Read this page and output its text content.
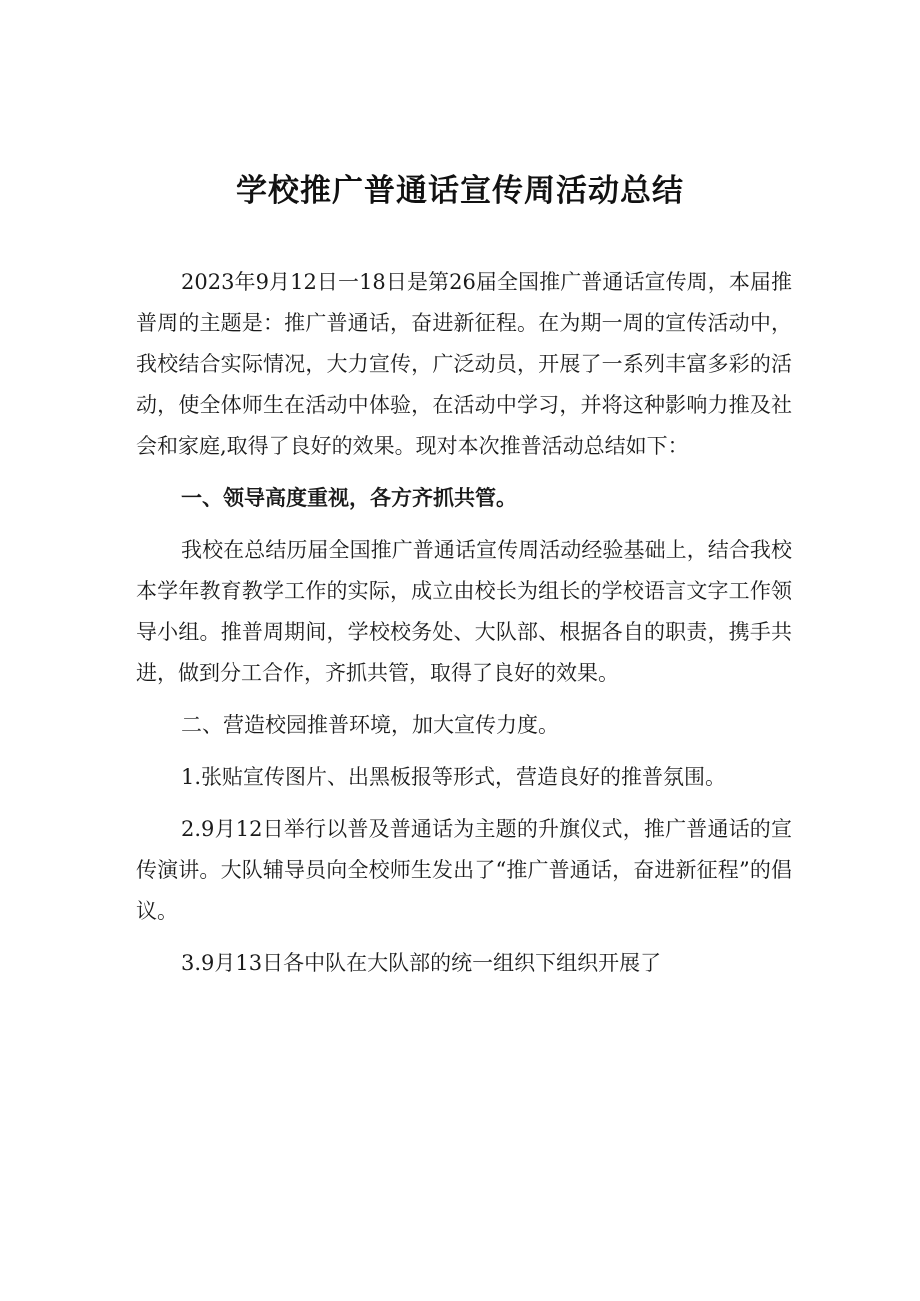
学校推广普通话宣传周活动总结

2023年9月12日一18日是第26届全国推广普通话宣传周，本届推普周的主题是：推广普通话，奋进新征程。在为期一周的宣传活动中，我校结合实际情况，大力宣传，广泛动员，开展了一系列丰富多彩的活动，使全体师生在活动中体验，在活动中学习，并将这种影响力推及社会和家庭,取得了良好的效果。现对本次推普活动总结如下：

一、领导高度重视，各方齐抓共管。

我校在总结历届全国推广普通话宣传周活动经验基础上，结合我校本学年教育教学工作的实际，成立由校长为组长的学校语言文字工作领导小组。推普周期间，学校校务处、大队部、根据各自的职责，携手共进，做到分工合作，齐抓共管，取得了良好的效果。

二、营造校园推普环境，加大宣传力度。

1.张贴宣传图片、出黑板报等形式，营造良好的推普氛围。

2.9月12日举行以普及普通话为主题的升旗仪式，推广普通话的宣传演讲。大队辅导员向全校师生发出了“推广普通话，奋进新征程”的倡议。

3.9月13日各中队在大队部的统一组织下组织开展了
